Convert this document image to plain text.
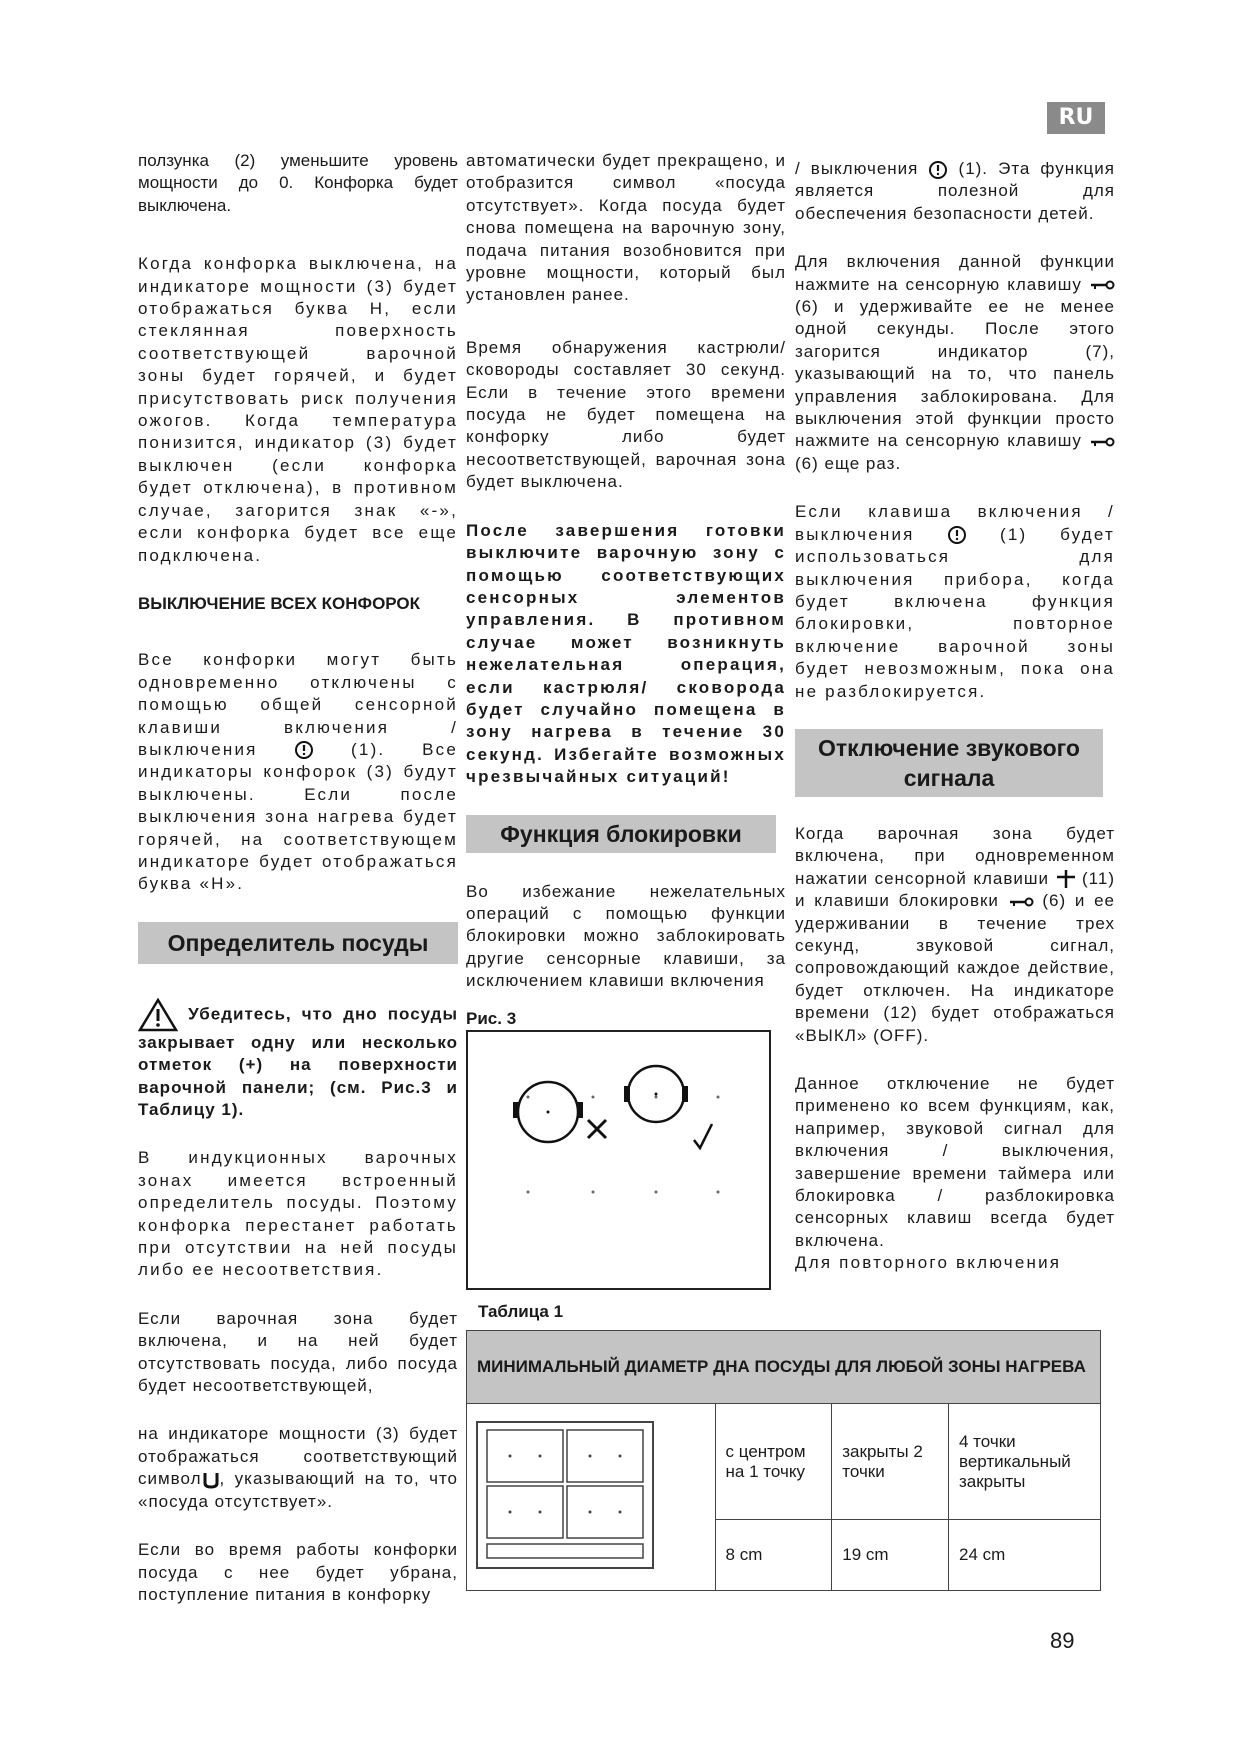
RU

ползунка (2) уменьшите уровень мощности до 0. Конфорка будет выключена.

Когда конфорка выключена, на индикаторе мощности (3) будет отображаться буква Н, если стеклянная поверхность соответствующей варочной зоны будет горячей, и будет присутствовать риск получения ожогов. Когда температура понизится, индикатор (3) будет выключен (если конфорка будет отключена), в противном случае, загорится знак «-», если конфорка будет все еще подключена.

ВЫКЛЮЧЕНИЕ ВСЕХ КОНФОРОК

Все конфорки могут быть одновременно отключены с помощью общей сенсорной клавиши включения / выключения	(1). Все индикаторы конфорок (3) будут выключены. Если после выключения зона нагрева будет горячей, на соответствующем индикаторе будет отображаться буква «Н».

Определитель посуды

Убедитесь, что дно посуды закрывает одну или несколько отметок (+) на поверхности варочной панели; (см. Рис.3 и Таблицу 1).

В индукционных варочных зонах имеется встроенный определитель посуды. Поэтому конфорка перестанет работать при отсутствии на ней посуды либо ее несоответствия.

Если варочная зона будет включена, и на ней будет отсутствовать посуда, либо посуда будет несоответствующей,

на индикаторе мощности (3) будет отображаться соответствующий символ , указывающий на то, что «посуда отсутствует».

Если во время работы конфорки посуда с нее будет убрана, поступление питания в конфорку

автоматически будет прекращено, и отобразится символ «посуда отсутствует». Когда посуда будет снова помещена на варочную зону, подача питания возобновится при уровне мощности, который был установлен ранее.

Время обнаружения кастрюли/ сковороды составляет 30 секунд. Если в течение этого времени посуда не будет помещена на конфорку либо будет несоответствующей, варочная зона будет выключена.

После завершения готовки выключите варочную зону с помощью соответствующих сенсорных элементов управления. В противном случае может возникнуть нежелательная операция, если кастрюля/ сковорода будет случайно помещена в зону нагрева в течение 30 секунд. Избегайте возможных чрезвычайных ситуаций!

Функция блокировки

Во избежание нежелательных операций с помощью функции блокировки можно заблокировать другие сенсорные клавиши, за исключением клавиши включения

Рис. 3

/ выключения (1). Эта функция является полезной для обеспечения безопасности детей.

Для включения данной функции нажмите на сенсорную клавишу  (6) и удерживайте ее не менее одной секунды. После этого загорится индикатор (7), указывающий на то, что панель управления заблокирована. Для выключения этой функции просто нажмите на сенсорную клавишу  (6) еще раз.

Если клавиша включения / выключения	(1) будет использоваться для выключения прибора, когда будет включена функция блокировки, повторное включение варочной зоны будет невозможным, пока она не разблокируется.

Отключение звукового сигнала

Когда варочная зона будет включена, при одновременном нажатии сенсорной клавиши (11) и клавиши блокировки	(6) и ее удерживании в течение трех секунд, звуковой сигнал, сопровождающий каждое действие, будет отключен. На индикаторе времени (12) будет отображаться «ВЫКЛ» (OFF).

Данное отключение не будет применено ко всем функциям, как, например, звуковой сигнал для включения / выключения, завершение времени таймера или блокировка / разблокировка сенсорных клавиш всегда будет включена.

Для повторного включения

Таблица 1
МИНИМАЛЬНЫЙ ДИАМЕТР ДНА ПОСУДЫ ДЛЯ ЛЮБОЙ ЗОНЫ НАГРЕВА			
	с центром на 1 точку	закрыты 2 точки	4 точки вертикальный закрыты
	8 cm	19 cm	24 cm
89
